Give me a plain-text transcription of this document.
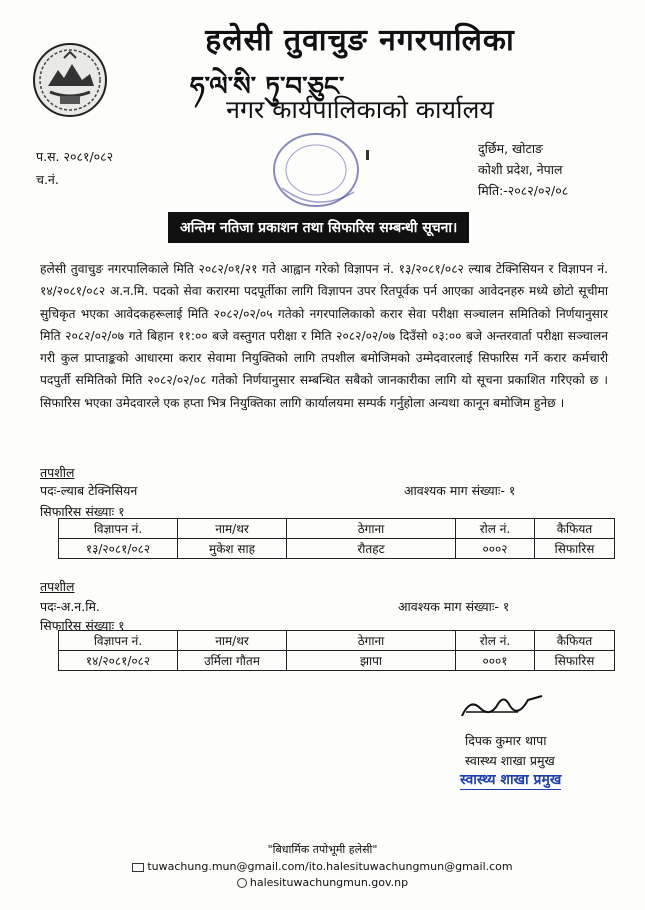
हलेसी तुवाचुङ नगरपालिका
ཧ་ལེ་སི་ ཏུ་བ་ཅུང་
नगर कार्यपालिकाको कार्यालय
प.स. २०८१/०८२
च.नं.
दुर्छिम, खोटाङ
कोशी प्रदेश, नेपाल
मिति:-२०८२/०२/०८
अन्तिम नतिजा प्रकाशन तथा सिफारिस सम्बन्धी सूचना।
हलेसी तुवाचुङ नगरपालिकाले मिति २०८२/०१/२१ गते आह्वान गरेको विज्ञापन नं. १३/२०८१/०८२ ल्याब टेक्निसियन र विज्ञापन नं. १४/२०८१/०८२ अ.न.मि. पदको सेवा करारमा पदपूर्तीका लागि विज्ञापन उपर रितपूर्वक पर्न आएका आवेदनहरु मध्ये छोटो सूचीमा सुचिकृत भएका आवेदकहरूलाई मिति २०८२/०२/०५ गतेको नगरपालिकाको करार सेवा परीक्षा सञ्चालन समितिको निर्णयानुसार मिति २०८२/०२/०७ गते बिहान ११:०० बजे वस्तुगत परीक्षा र मिति २०८२/०२/०७ दिउँसो ०३:०० बजे अन्तरवार्ता परीक्षा सञ्चालन गरी कुल प्राप्ताङ्कको आधारमा करार सेवामा नियुक्तिको लागि तपशील बमोजिमको उम्मेदवारलाई सिफारिस गर्ने करार कर्मचारी पदपुर्ती समितिको मिति २०८२/०२/०८ गतेको निर्णयानुसार सम्बन्धित सबैको जानकारीका लागि यो सूचना प्रकाशित गरिएको छ । सिफारिस भएका उमेदवारले एक हप्ता भित्र नियुक्तिका लागि कार्यालयमा सम्पर्क गर्नुहोला अन्यथा कानून बमोजिम हुनेछ ।
तपशील
पदः-ल्याब टेक्निसियन	आवश्यक माग संख्याः- १
सिफारिस संख्याः १
विज्ञापन नं.	नाम/थर	ठेगाना	रोल नं.	कैफियत
१३/२०८१/०८२	मुकेश साह	रौतहट	०००२	सिफारिस
तपशील
पदः-अ.न.मि.	आवश्यक माग संख्याः- १
सिफारिस संख्याः १
विज्ञापन नं.	नाम/थर	ठेगाना	रोल नं.	कैफियत
१४/२०८१/०८२	उर्मिला गौतम	झापा	०००१	सिफारिस
दिपक कुमार थापा
स्वास्थ्य शाखा प्रमुख
स्वास्थ्य शाखा प्रमुख
"बिधार्मिक तपोभूमी हलेसी"
tuwachung.mun@gmail.com/ito.halesituwachungmun@gmail.com
halesituwachungmun.gov.np
